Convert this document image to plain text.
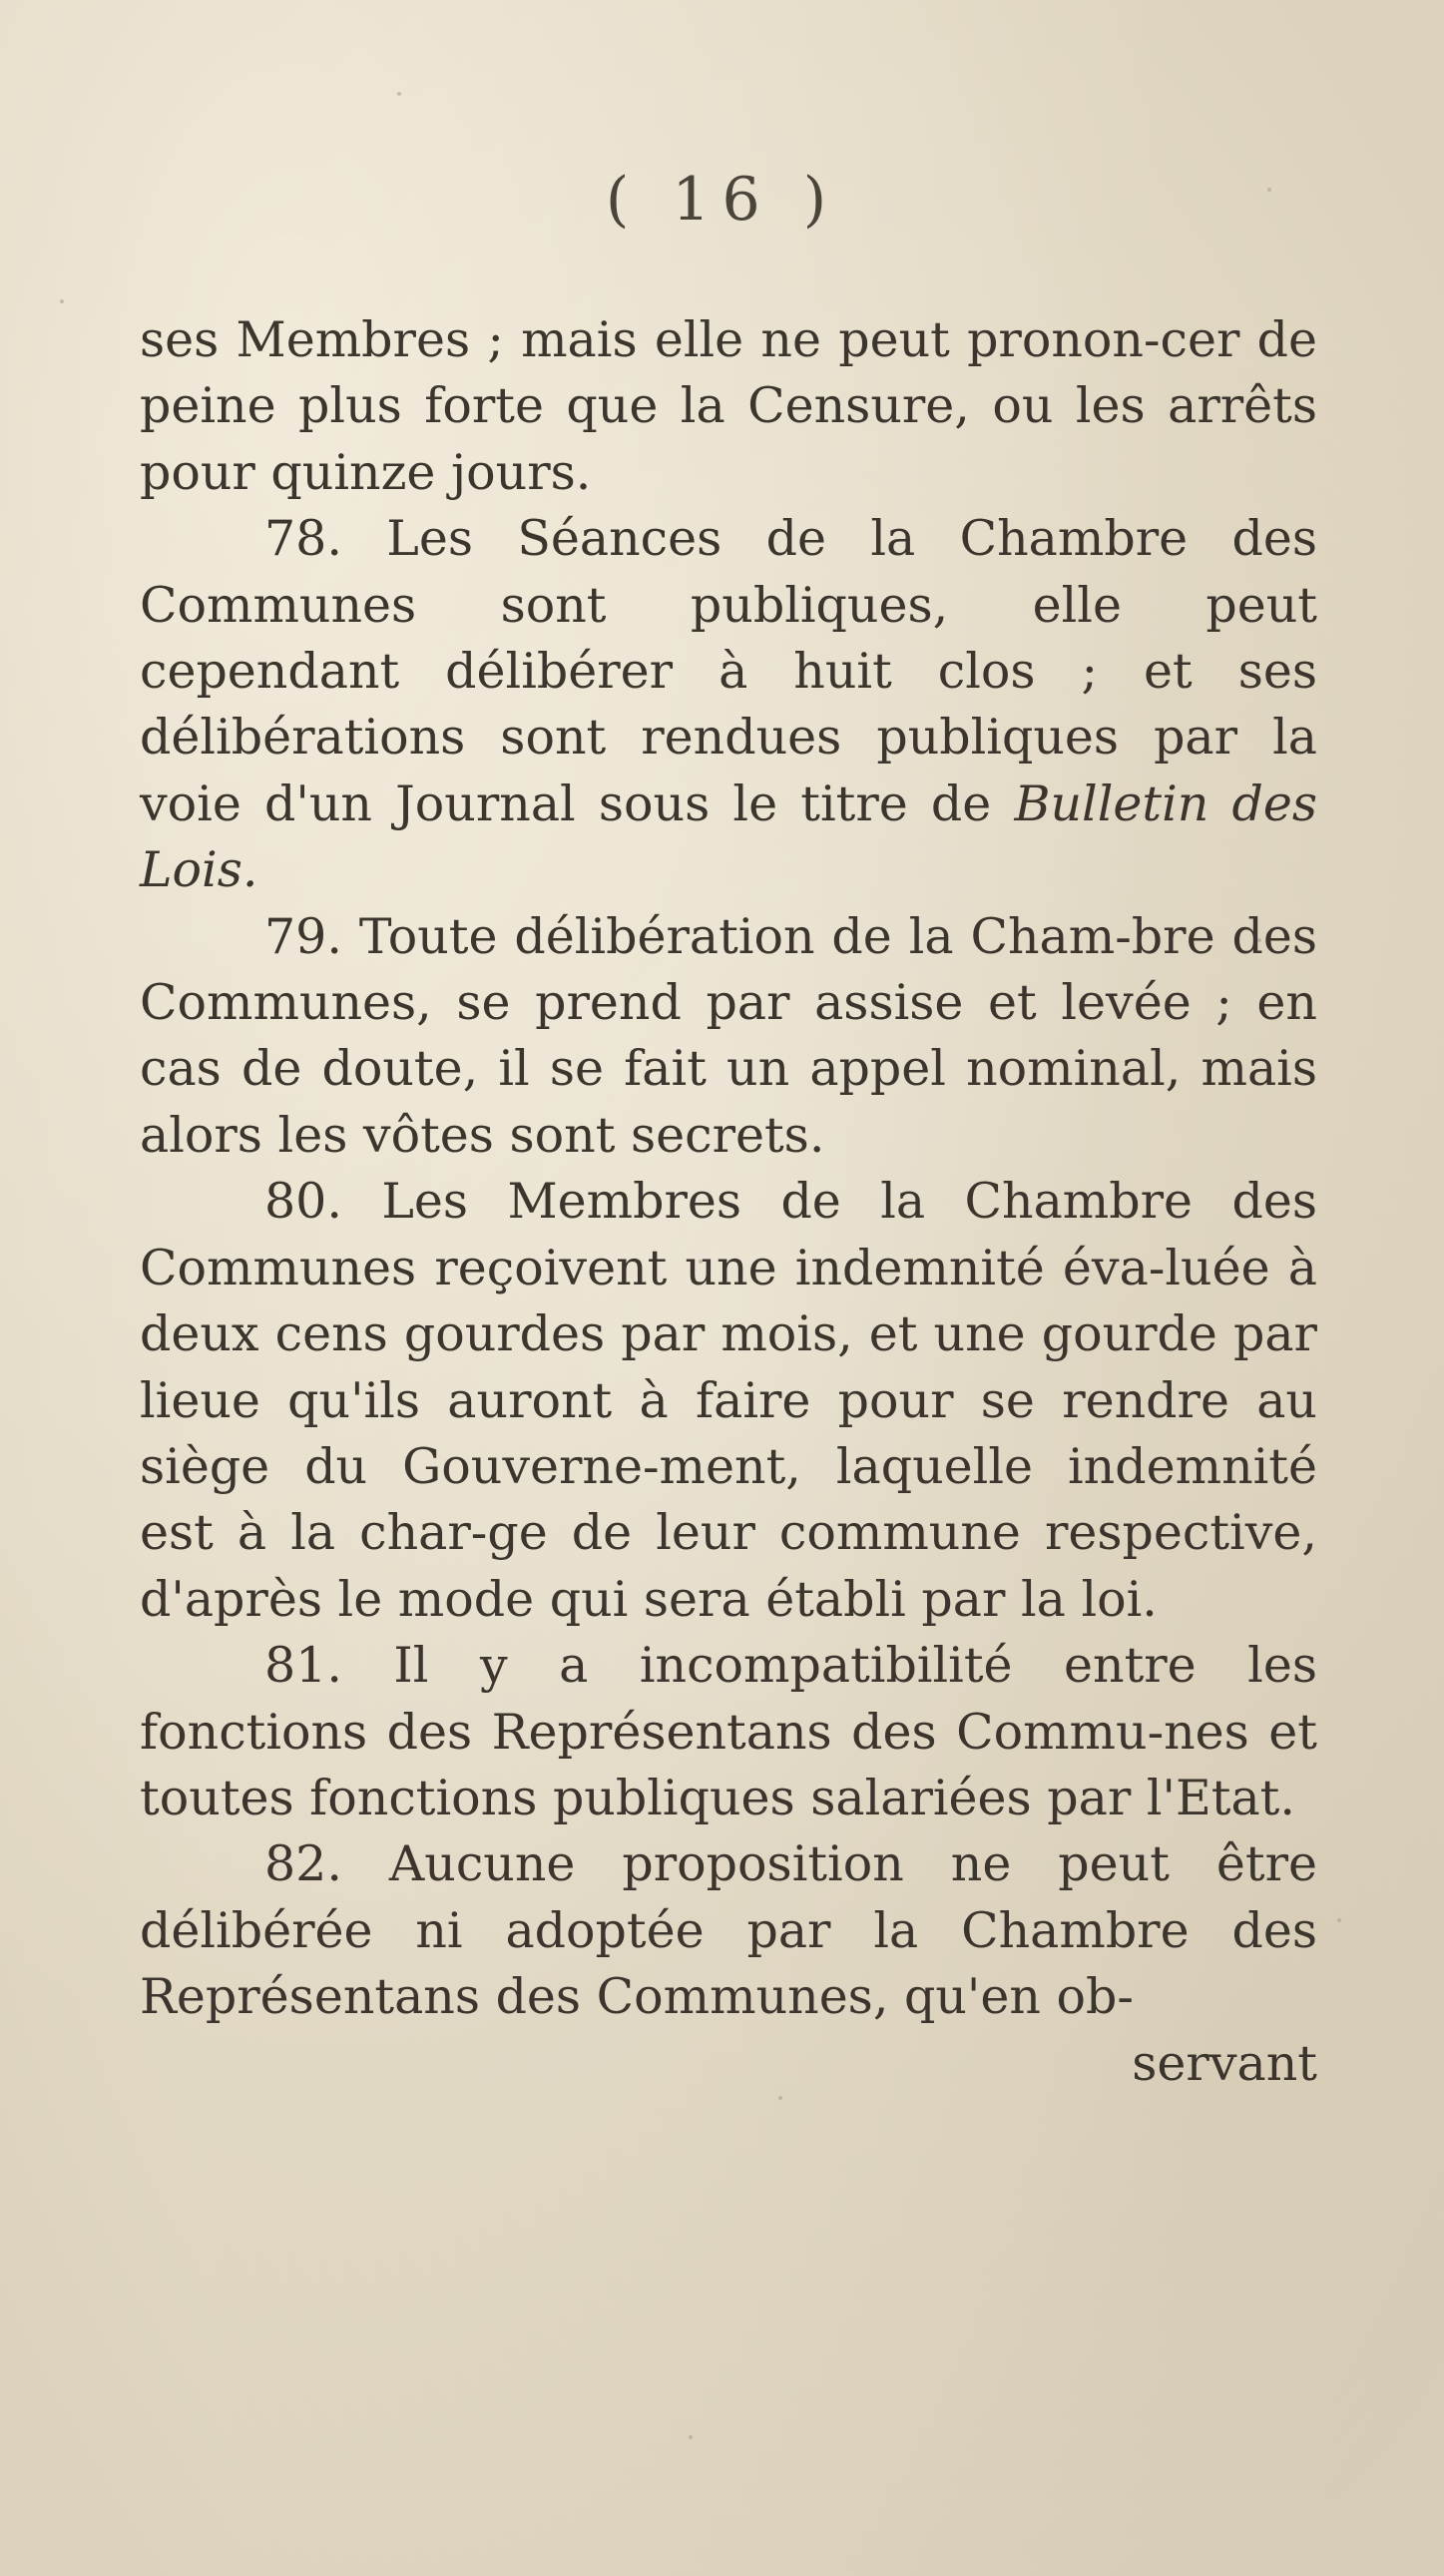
( 16 )

ses Membres ; mais elle ne peut pronon-cer de peine plus forte que la Censure, ou les arrêts pour quinze jours.

78. Les Séances de la Chambre des Communes sont publiques, elle peut cependant délibérer à huit clos ; et ses délibérations sont rendues publiques par la voie d'un Journal sous le titre de Bulletin des Lois.

79. Toute délibération de la Cham-bre des Communes, se prend par assise et levée ; en cas de doute, il se fait un appel nominal, mais alors les vôtes sont secrets.

80. Les Membres de la Chambre des Communes reçoivent une indemnité éva-luée à deux cens gourdes par mois, et une gourde par lieue qu'ils auront à faire pour se rendre au siège du Gouverne-ment, laquelle indemnité est à la char-ge de leur commune respective, d'après le mode qui sera établi par la loi.

81. Il y a incompatibilité entre les fonctions des Représentans des Commu-nes et toutes fonctions publiques salariées par l'Etat.

82. Aucune proposition ne peut être délibérée ni adoptée par la Chambre des Représentans des Communes, qu'en ob-

servant
